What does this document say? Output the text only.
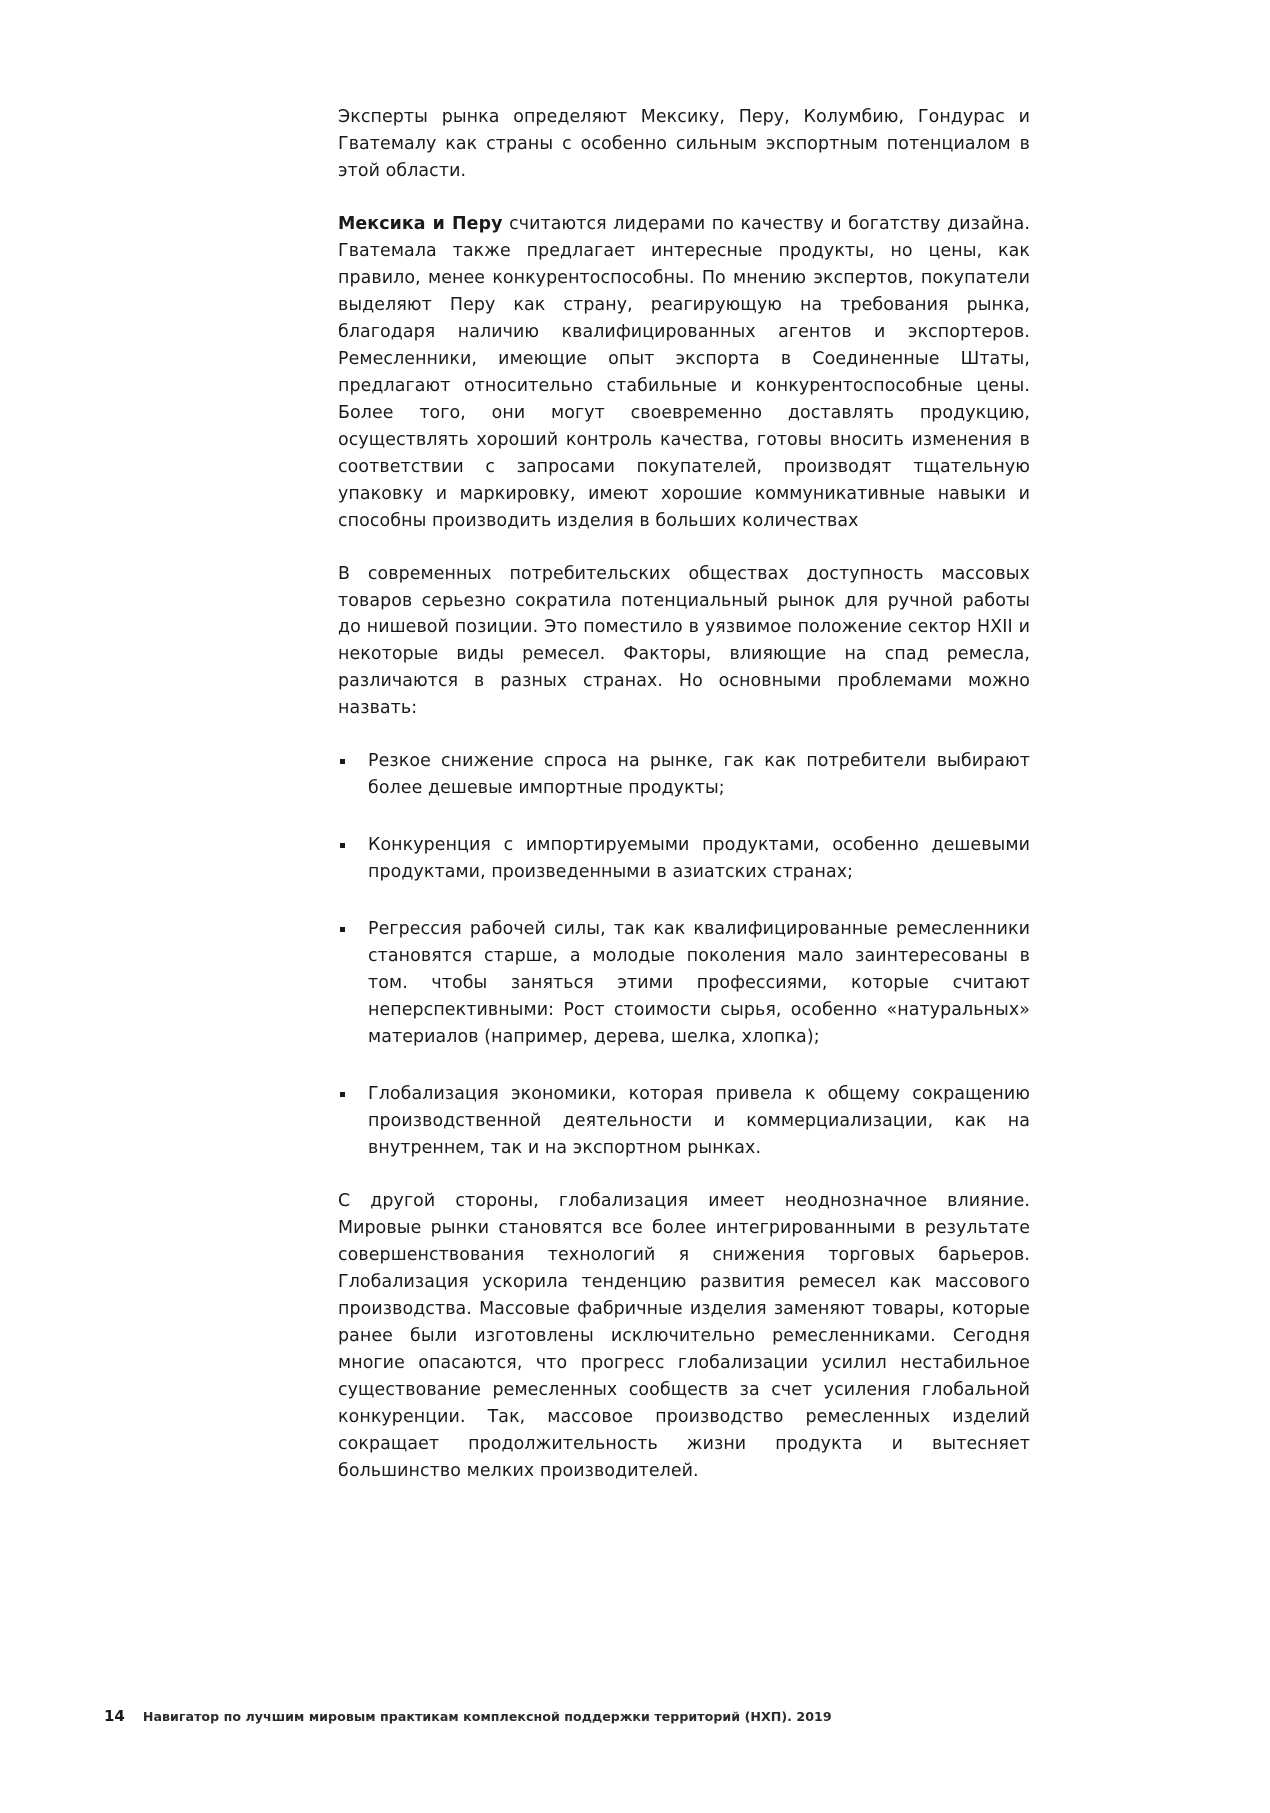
Эксперты рынка определяют Мексику, Перу, Колумбию, Гондурас и Гватемалу как страны с особенно сильным экспортным потенциалом в этой области.

Мексика и Перу считаются лидерами по качеству и богатству дизайна. Гватемала также предлагает интересные продукты, но цены, как правило, менее конкурентоспособны. По мнению экспертов, покупатели выделяют Перу как страну, реагирующую на требования рынка, благодаря наличию квалифицированных агентов и экспортеров. Ремесленники, имеющие опыт экспорта в Соединенные Штаты, предлагают относительно стабильные и конкурентоспособные цены. Более того, они могут своевременно доставлять продукцию, осуществлять хороший контроль качества, готовы вносить изменения в соответствии с запросами покупателей, производят тщательную упаковку и маркировку, имеют хорошие коммуникативные навыки и способны производить изделия в больших количествах

В современных потребительских обществах доступность массовых товаров серьезно сократила потенциальный рынок для ручной работы до нишевой позиции. Это поместило в уязвимое положение сектор НХII и некоторые виды ремесел. Факторы, влияющие на спад ремесла, различаются в разных странах. Но основными проблемами можно назвать:

Резкое снижение спроса на рынке, гак как потребители выбирают более дешевые импортные продукты;
Конкуренция с импортируемыми продуктами, особенно дешевыми продуктами, произведенными в азиатских странах;
Регрессия рабочей силы, так как квалифицированные ремесленники становятся старше, а молодые поколения мало заинтересованы в том. чтобы заняться этими профессиями, которые считают неперспективными: Рост стоимости сырья, особенно «натуральных» материалов (например, дерева, шелка, хлопка);
Глобализация экономики, которая привела к общему сокращению производственной деятельности и коммерциализации, как на внутреннем, так и на экспортном рынках.

С другой стороны, глобализация имеет неоднозначное влияние. Мировые рынки становятся все более интегрированными в результате совершенствования технологий я снижения торговых барьеров. Глобализация ускорила тенденцию развития ремесел как массового производства. Массовые фабричные изделия заменяют товары, которые ранее были изготовлены исключительно ремесленниками. Сегодня многие опасаются, что прогресс глобализации усилил нестабильное существование ремесленных сообществ за счет усиления глобальной конкуренции. Так, массовое производство ремесленных изделий сокращает продолжительность жизни продукта и вытесняет большинство мелких производителей.

14 Навигатор по лучшим мировым практикам комплексной поддержки территорий (НХП). 2019
